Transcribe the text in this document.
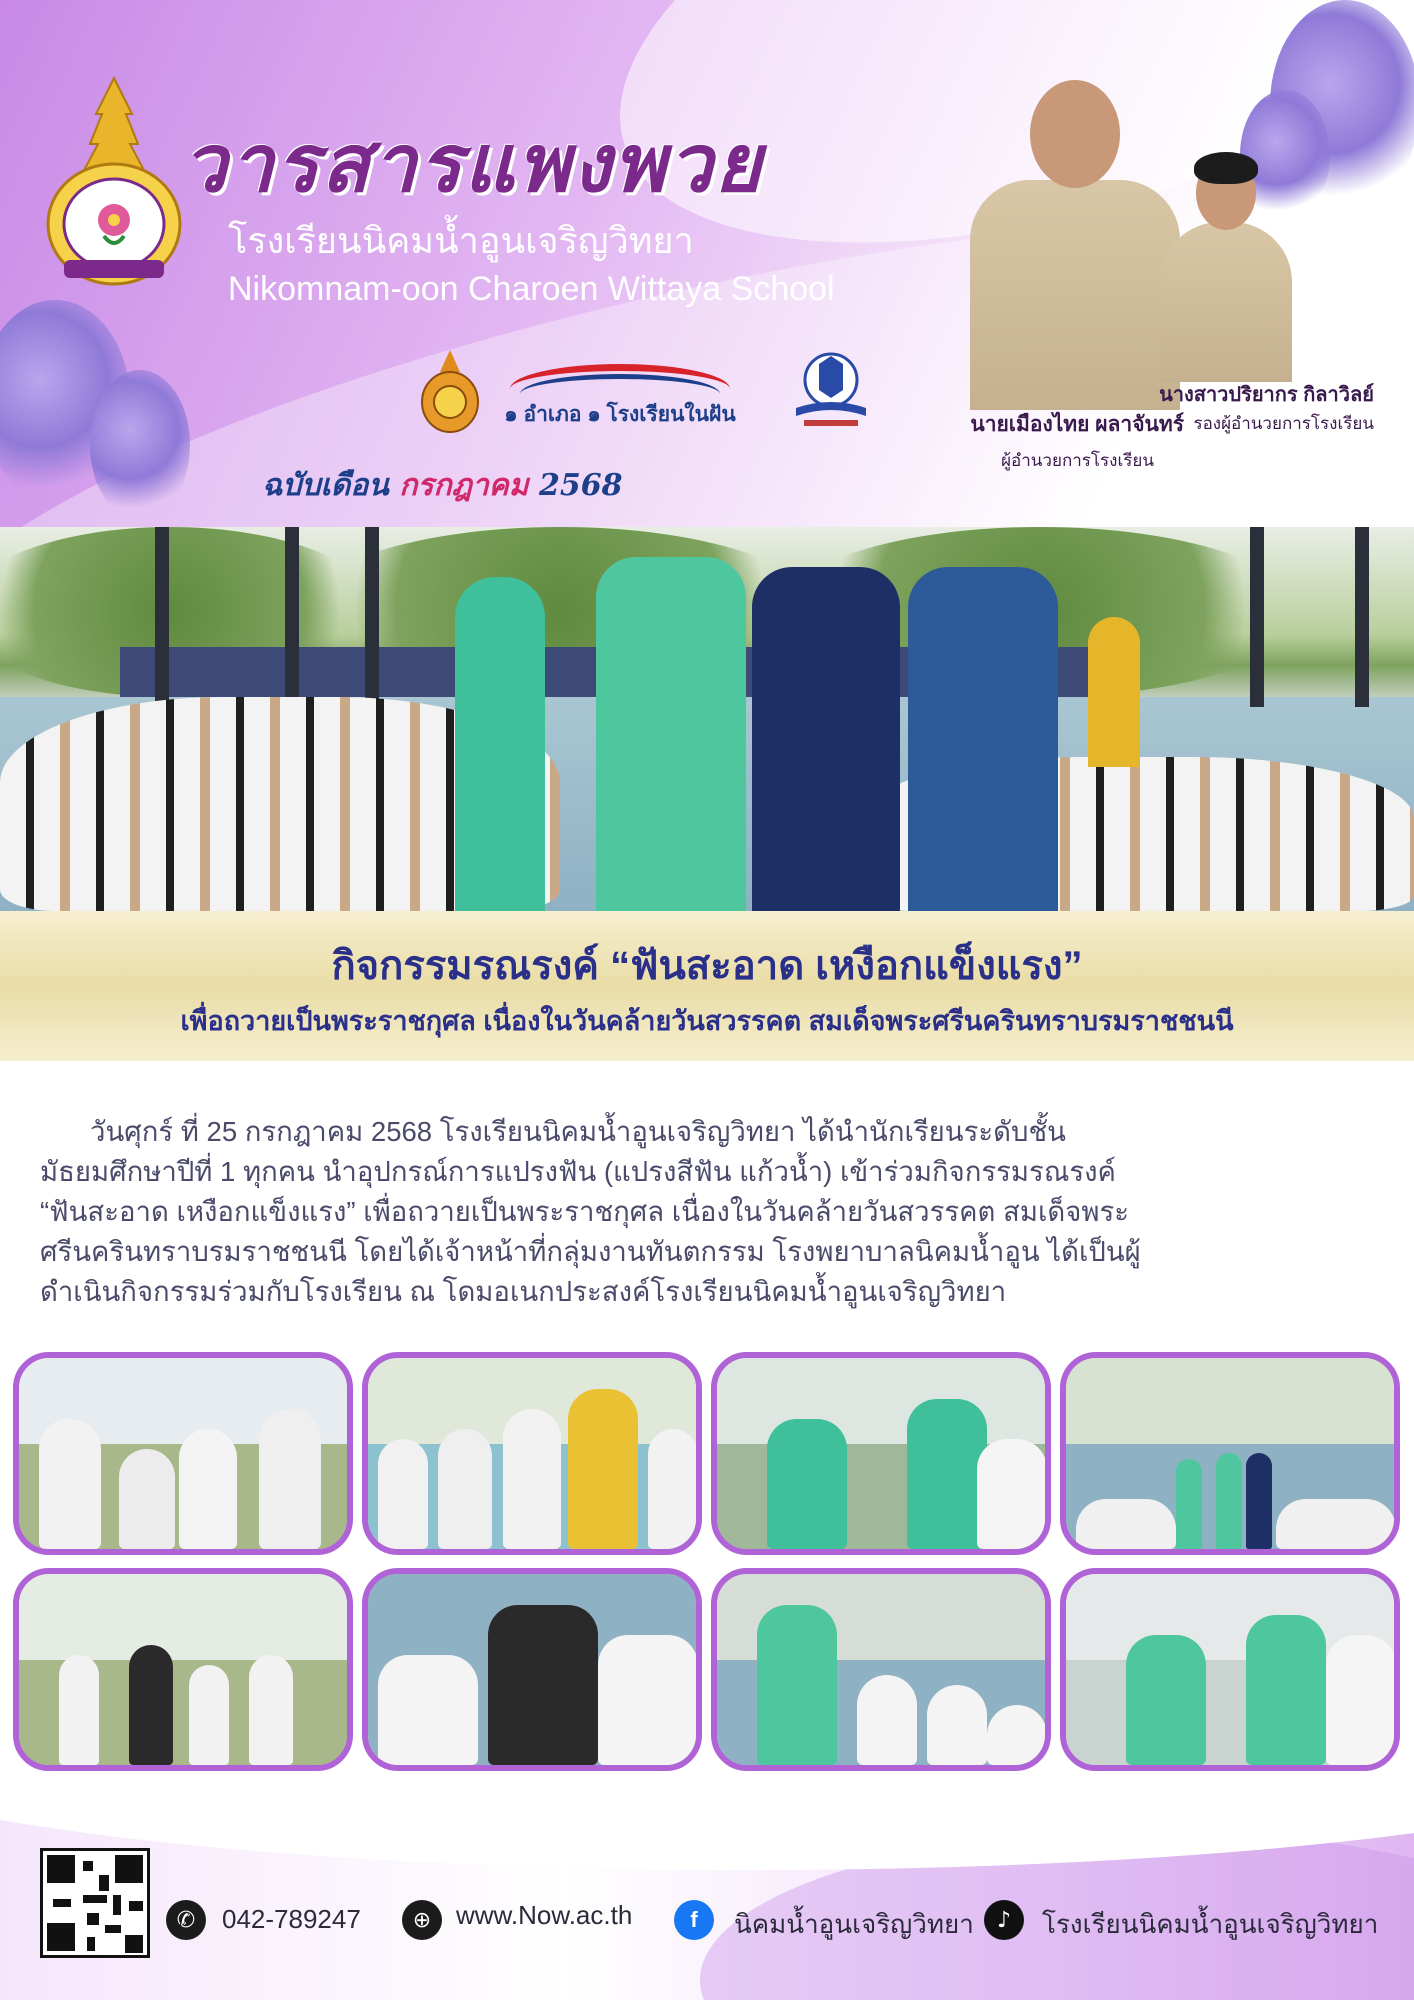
วารสารแพงพวย
โรงเรียนนิคมน้ำอูนเจริญวิทยา
Nikomnam-oon Charoen Wittaya School
๑ อำเภอ ๑ โรงเรียนในฝัน
ฉบับเดือน กรกฎาคม 2568
นางสาวปริยากร กิลาวิลย์
รองผู้อำนวยการโรงเรียน
นายเมืองไทย ผลาจันทร์
ผู้อำนวยการโรงเรียน
กิจกรรมรณรงค์ “ฟันสะอาด เหงือกแข็งแรง”
เพื่อถวายเป็นพระราชกุศล เนื่องในวันคล้ายวันสวรรคต สมเด็จพระศรีนครินทราบรมราชชนนี
วันศุกร์ ที่ 25 กรกฎาคม 2568 โรงเรียนนิคมน้ำอูนเจริญวิทยา ได้นำนักเรียนระดับชั้น
มัธยมศึกษาปีที่ 1 ทุกคน นำอุปกรณ์การแปรงฟัน (แปรงสีฟัน แก้วน้ำ) เข้าร่วมกิจกรรมรณรงค์
“ฟันสะอาด เหงือกแข็งแรง” เพื่อถวายเป็นพระราชกุศล เนื่องในวันคล้ายวันสวรรคต สมเด็จพระ
ศรีนครินทราบรมราชชนนี โดยได้เจ้าหน้าที่กลุ่มงานทันตกรรม โรงพยาบาลนิคมน้ำอูน ได้เป็นผู้
ดำเนินกิจกรรมร่วมกับโรงเรียน ณ โดมอเนกประสงค์โรงเรียนนิคมน้ำอูนเจริญวิทยา
✆	042-789247	⊕ www.Now.ac.th	f	นิคมน้ำอูนเจริญวิทยา	♪	โรงเรียนนิคมน้ำอูนเจริญวิทยา
